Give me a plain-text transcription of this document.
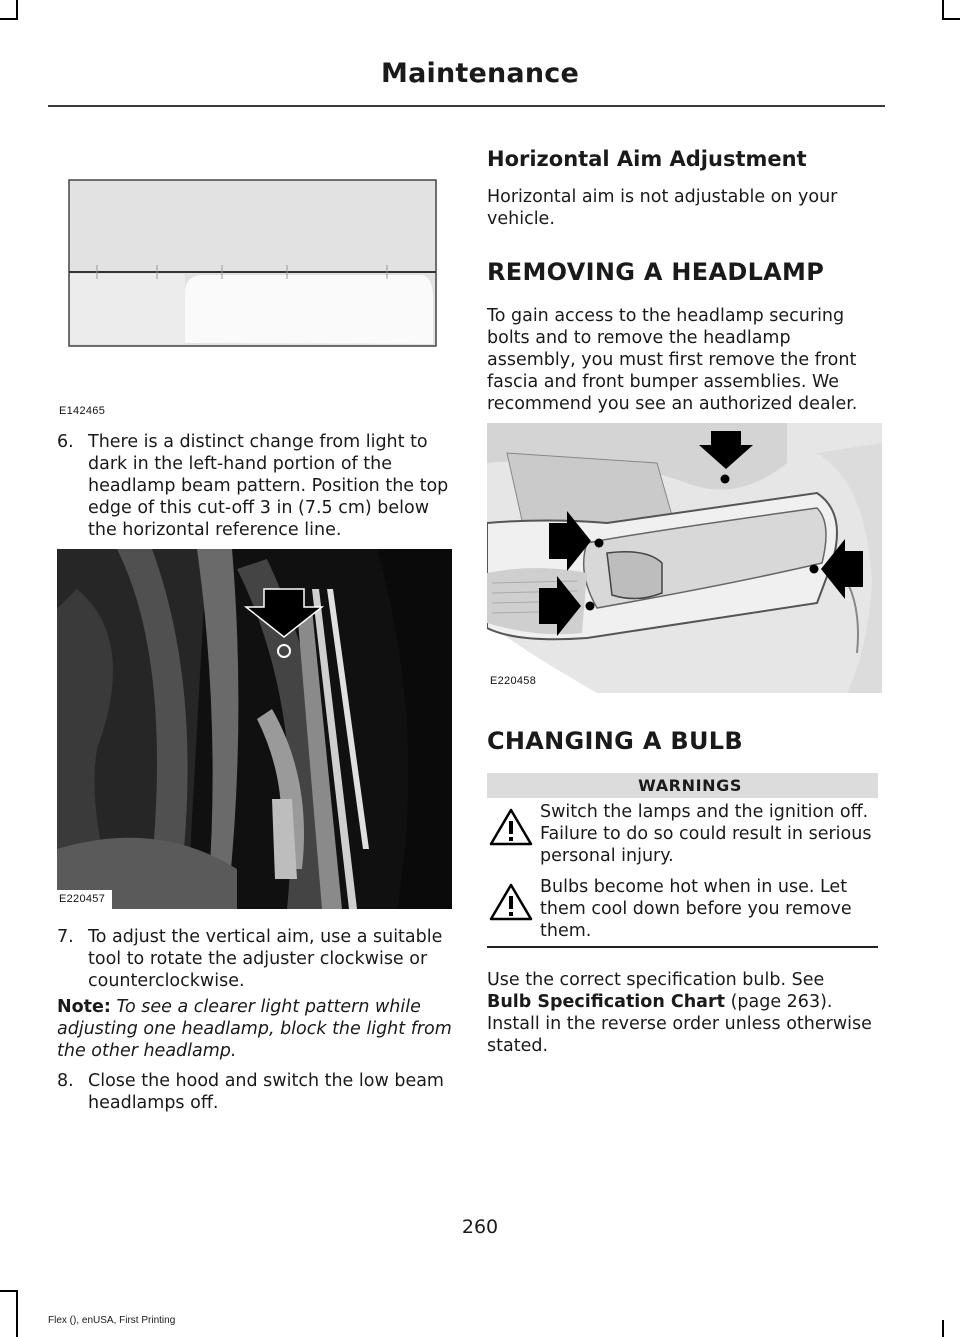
Maintenance
E142465
6. There is a distinct change from light to dark in the left-hand portion of the headlamp beam pattern. Position the top edge of this cut-off 3 in (7.5 cm) below the horizontal reference line.
E220457
7. To adjust the vertical aim, use a suitable tool to rotate the adjuster clockwise or counterclockwise.
Note: To see a clearer light pattern while adjusting one headlamp, block the light from the other headlamp.
8. Close the hood and switch the low beam headlamps off.
Horizontal Aim Adjustment
Horizontal aim is not adjustable on your vehicle.
REMOVING A HEADLAMP
To gain access to the headlamp securing bolts and to remove the headlamp assembly, you must first remove the front fascia and front bumper assemblies. We recommend you see an authorized dealer.
E220458
CHANGING A BULB
WARNINGS
Switch the lamps and the ignition off. Failure to do so could result in serious personal injury.
Bulbs become hot when in use. Let them cool down before you remove them.
Use the correct specification bulb. See
Bulb Specification Chart (page 263).
Install in the reverse order unless otherwise stated.
260
Flex (), enUSA, First Printing
